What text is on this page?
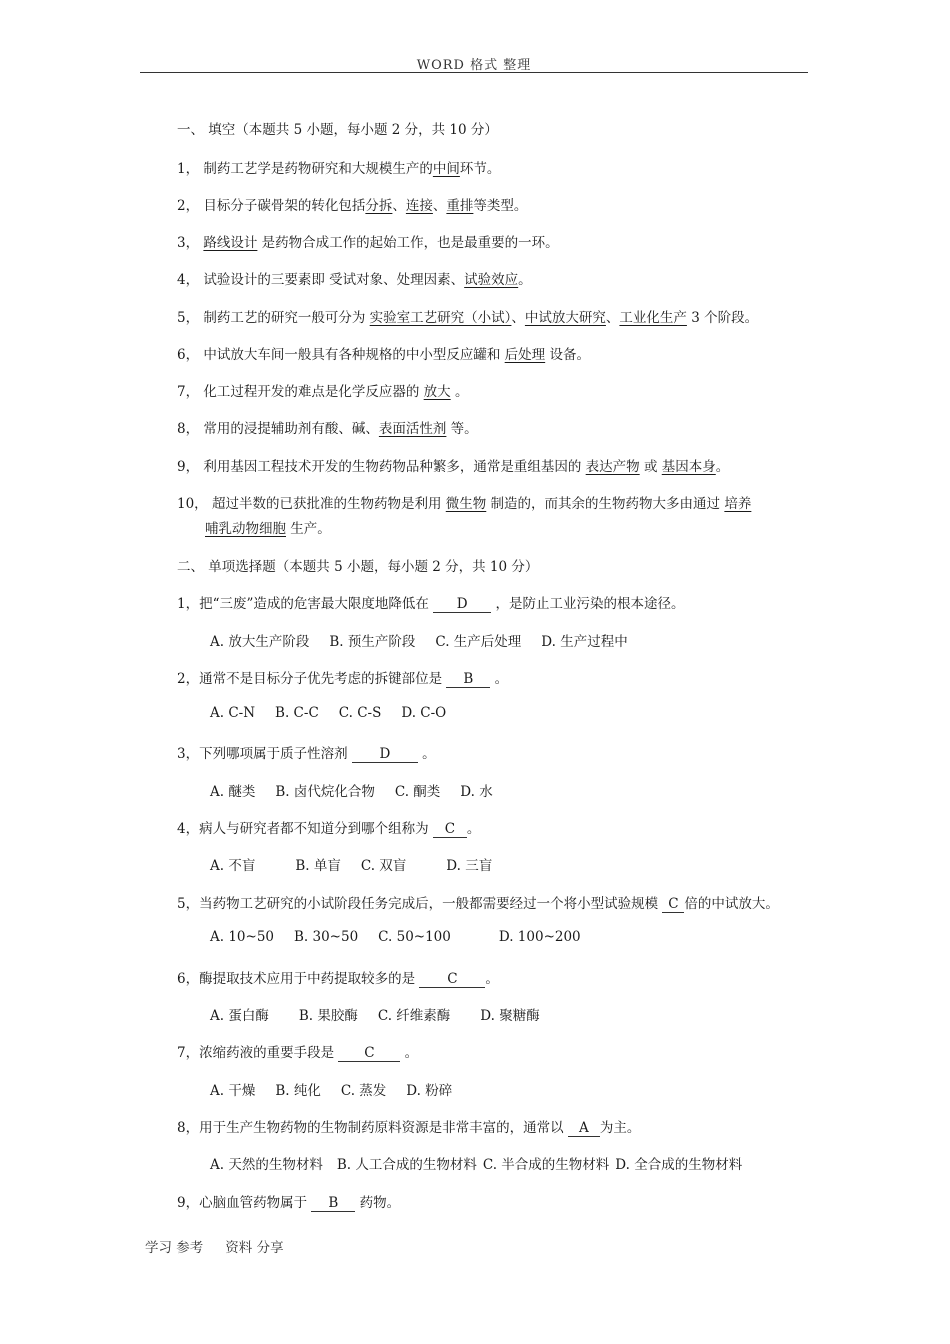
WORD 格式 整理
一、 填空（本题共 5 小题，每小题 2 分，共 10 分）
1， 制药工艺学是药物研究和大规模生产的中间环节。
2， 目标分子碳骨架的转化包括分拆、连接、重排等类型。
3， 路线设计 是药物合成工作的起始工作，也是最重要的一环。
4， 试验设计的三要素即 受试对象、处理因素、试验效应。
5， 制药工艺的研究一般可分为 实验室工艺研究（小试）、中试放大研究、工业化生产 3 个阶段。
6， 中试放大车间一般具有各种规格的中小型反应罐和 后处理 设备。
7， 化工过程开发的难点是化学反应器的 放大 。
8， 常用的浸提辅助剂有酸、碱、表面活性剂 等。
9， 利用基因工程技术开发的生物药物品种繁多，通常是重组基因的 表达产物 或 基因本身。
10， 超过半数的已获批准的生物药物是利用 微生物 制造的，而其余的生物药物大多由通过 培养
哺乳动物细胞 生产。
二、 单项选择题（本题共 5 小题，每小题 2 分，共 10 分）
1，把“三废”造成的危害最大限度地降低在 D ，是防止工业污染的根本途径。
A. 放大生产阶段 B. 预生产阶段 C. 生产后处理 D. 生产过程中
2，通常不是目标分子优先考虑的拆键部位是 B 。
A. C-N B. C-C C. C-S D. C-O
3，下列哪项属于质子性溶剂 D 。
A. 醚类 B. 卤代烷化合物 C. 酮类 D. 水
4，病人与研究者都不知道分到哪个组称为 C 。
A. 不盲	B. 单盲 C. 双盲	D. 三盲
5，当药物工艺研究的小试阶段任务完成后，一般都需要经过一个将小型试验规模 C 倍的中试放大。
A. 10~50 B. 30~50 C. 50~100	D. 100~200
6，酶提取技术应用于中药提取较多的是 C 。
A. 蛋白酶 B. 果胶酶 C. 纤维素酶 D. 聚糖酶
7，浓缩药液的重要手段是 C 。
A. 干燥 B. 纯化 C. 蒸发 D. 粉碎
8，用于生产生物药物的生物制药原料资源是非常丰富的，通常以 A 为主。
A. 天然的生物材料 B. 人工合成的生物材料 C. 半合成的生物材料 D. 全合成的生物材料
9，心脑血管药物属于 B 药物。
学习 参考 资料 分享
